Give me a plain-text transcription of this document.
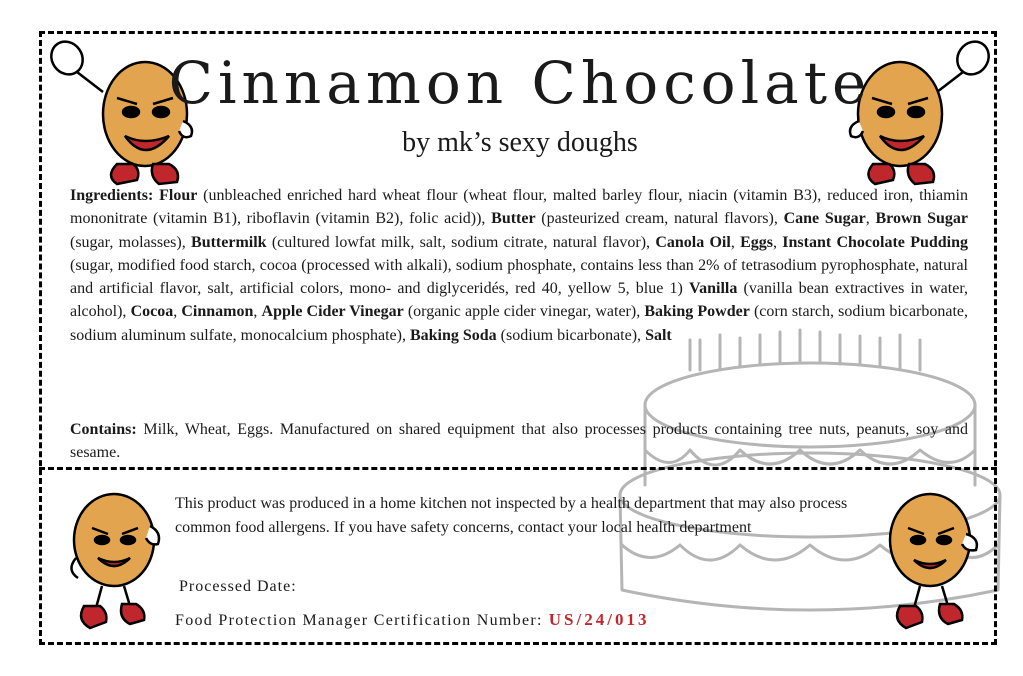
Cinnamon Chocolate

by mk’s sexy doughs

Ingredients: Flour (unbleached enriched hard wheat flour (wheat flour, malted barley flour, niacin (vitamin B3), reduced iron, thiamin mononitrate (vitamin B1), riboflavin (vitamin B2), folic acid)), Butter (pasteurized cream, natural flavors), Cane Sugar, Brown Sugar (sugar, molasses), Buttermilk (cultured lowfat milk, salt, sodium citrate, natural flavor), Canola Oil, Eggs, Instant Chocolate Pudding (sugar, modified food starch, cocoa (processed with alkali), sodium phosphate, contains less than 2% of tetrasodium pyrophosphate, natural and artificial flavor, salt, artificial colors, mono- and diglyceridés, red 40, yellow 5, blue 1) Vanilla (vanilla bean extractives in water, alcohol), Cocoa, Cinnamon, Apple Cider Vinegar (organic apple cider vinegar, water), Baking Powder (corn starch, sodium bicarbonate, sodium aluminum sulfate, monocalcium phosphate), Baking Soda (sodium bicarbonate), Salt

Contains: Milk, Wheat, Eggs. Manufactured on shared equipment that also processes products containing tree nuts, peanuts, soy and sesame.

This product was produced in a home kitchen not inspected by a health department that may also process common food allergens. If you have safety concerns, contact your local health department

Processed Date:

Food Protection Manager Certification Number: US/24/013
